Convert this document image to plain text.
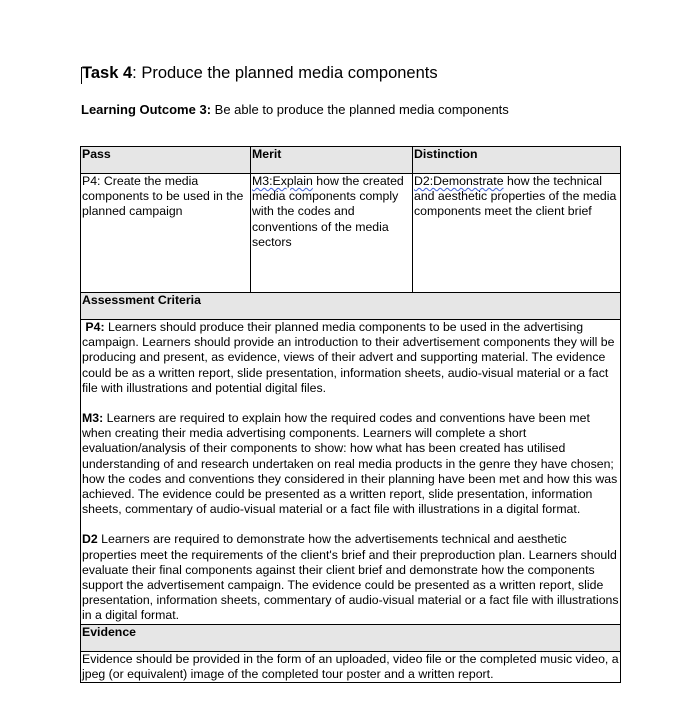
Task 4: Produce the planned media components
Learning Outcome 3: Be able to produce the planned media components
Pass	Merit	Distinction
P4: Create the media components to be used in the planned campaign	M3:Explain how the created media components comply with the codes and conventions of the media sectors	D2:Demonstrate how the technical and aesthetic properties of the media components meet the client brief
Assessment Criteria		

P4: Learners should produce their planned media components to be used in the advertising campaign. Learners should provide an introduction to their advertisement components they will be producing and present, as evidence, views of their advert and supporting material. The evidence could be as a written report, slide presentation, information sheets, audio-visual material or a fact file with illustrations and potential digital files.

M3: Learners are required to explain how the required codes and conventions have been met when creating their media advertising components. Learners will complete a short evaluation/analysis of their components to show: how what has been created has utilised understanding of and research undertaken on real media products in the genre they have chosen; how the codes and conventions they considered in their planning have been met and how this was achieved. The evidence could be presented as a written report, slide presentation, information sheets, commentary of audio-visual material or a fact file with illustrations in a digital format.

D2 Learners are required to demonstrate how the advertisements technical and aesthetic properties meet the requirements of the client's brief and their preproduction plan. Learners should evaluate their final components against their client brief and demonstrate how the components support the advertisement campaign. The evidence could be presented as a written report, slide presentation, information sheets, commentary of audio-visual material or a fact file with illustrations in a digital format.		

Evidence		
Evidence should be provided in the form of an uploaded, video file or the completed music video, a jpeg (or equivalent) image of the completed tour poster and a written report.		
